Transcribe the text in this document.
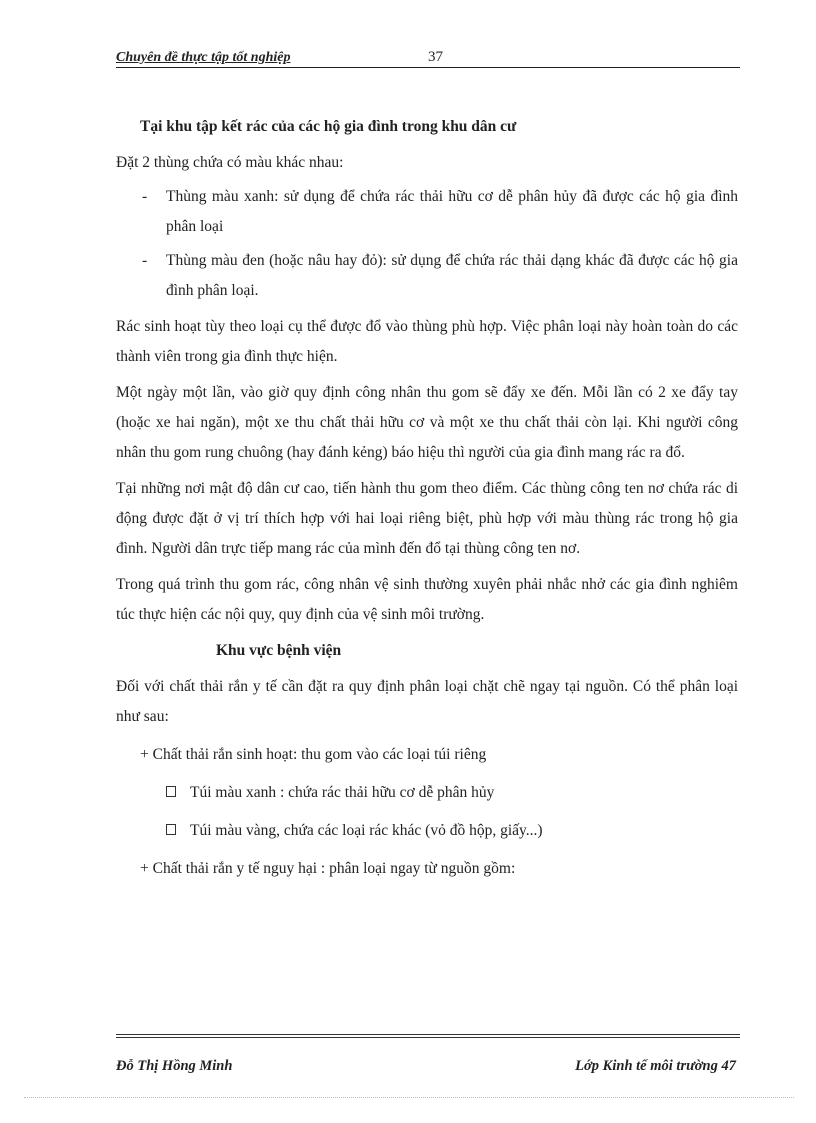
Chuyên đề thực tập tốt nghiệp	37

Tại khu tập kết rác của các hộ gia đình trong khu dân cư

Đặt 2 thùng chứa có màu khác nhau:

- Thùng màu xanh: sử dụng để chứa rác thải hữu cơ dễ phân hủy đã được các hộ gia đình phân loại

- Thùng màu đen (hoặc nâu hay đỏ): sử dụng để chứa rác thải dạng khác đã được các hộ gia đình phân loại.

Rác sinh hoạt tùy theo loại cụ thể được đổ vào thùng phù hợp. Việc phân loại này hoàn toàn do các thành viên trong gia đình thực hiện.

Một ngày một lần, vào giờ quy định công nhân thu gom sẽ đẩy xe đến. Mỗi lần có 2 xe đẩy tay (hoặc xe hai ngăn), một xe thu chất thải hữu cơ và một xe thu chất thải còn lại. Khi người công nhân thu gom rung chuông (hay đánh kẻng) báo hiệu thì người của gia đình mang rác ra đổ.

Tại những nơi mật độ dân cư cao, tiến hành thu gom theo điểm. Các thùng công ten nơ chứa rác di động được đặt ở vị trí thích hợp với hai loại riêng biệt, phù hợp với màu thùng rác trong hộ gia đình. Người dân trực tiếp mang rác của mình đến đổ tại thùng công ten nơ.

Trong quá trình thu gom rác, công nhân vệ sinh thường xuyên phải nhắc nhở các gia đình nghiêm túc thực hiện các nội quy, quy định của vệ sinh môi trường.

Khu vực bệnh viện

Đối với chất thải rắn y tế cần đặt ra quy định phân loại chặt chẽ ngay tại nguồn. Có thể phân loại như sau:

+ Chất thải rắn sinh hoạt: thu gom vào các loại túi riêng

Túi màu xanh : chứa rác thải hữu cơ dễ phân hủy

Túi màu vàng, chứa các loại rác khác (vỏ đồ hộp, giấy...)

+ Chất thải rắn y tế nguy hại : phân loại ngay từ nguồn gồm:

Đỗ Thị Hồng Minh	Lớp Kinh tế môi trường 47
